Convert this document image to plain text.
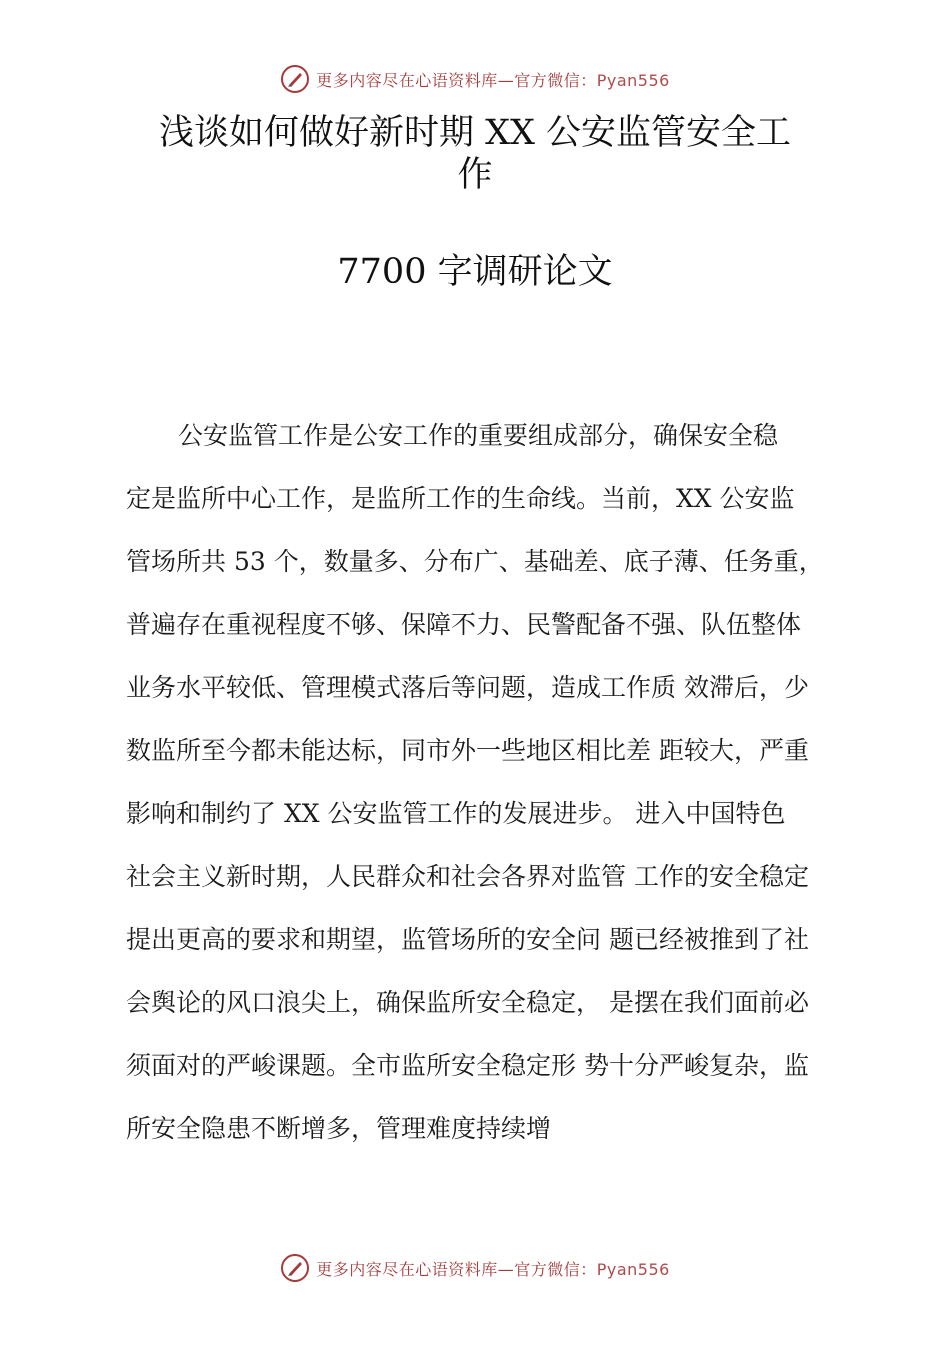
更多内容尽在心语资料库—官方微信：Pyan556
浅谈如何做好新时期 XX 公安监管安全工
作
7700 字调研论文
公安监管工作是公安工作的重要组成部分，确保安全稳
定是监所中心工作，是监所工作的生命线。当前，XX 公安监
管场所共 53 个，数量多、分布广、基础差、底子薄、任务重，
普遍存在重视程度不够、保障不力、民警配备不强、队伍整体
业务水平较低、管理模式落后等问题，造成工作质 效滞后，少
数监所至今都未能达标，同市外一些地区相比差 距较大，严重
影响和制约了 XX 公安监管工作的发展进步。 进入中国特色
社会主义新时期，人民群众和社会各界对监管 工作的安全稳定
提出更高的要求和期望，监管场所的安全问 题已经被推到了社
会舆论的风口浪尖上，确保监所安全稳定， 是摆在我们面前必
须面对的严峻课题。全市监所安全稳定形 势十分严峻复杂，监
所安全隐患不断增多，管理难度持续增
更多内容尽在心语资料库—官方微信：Pyan556
